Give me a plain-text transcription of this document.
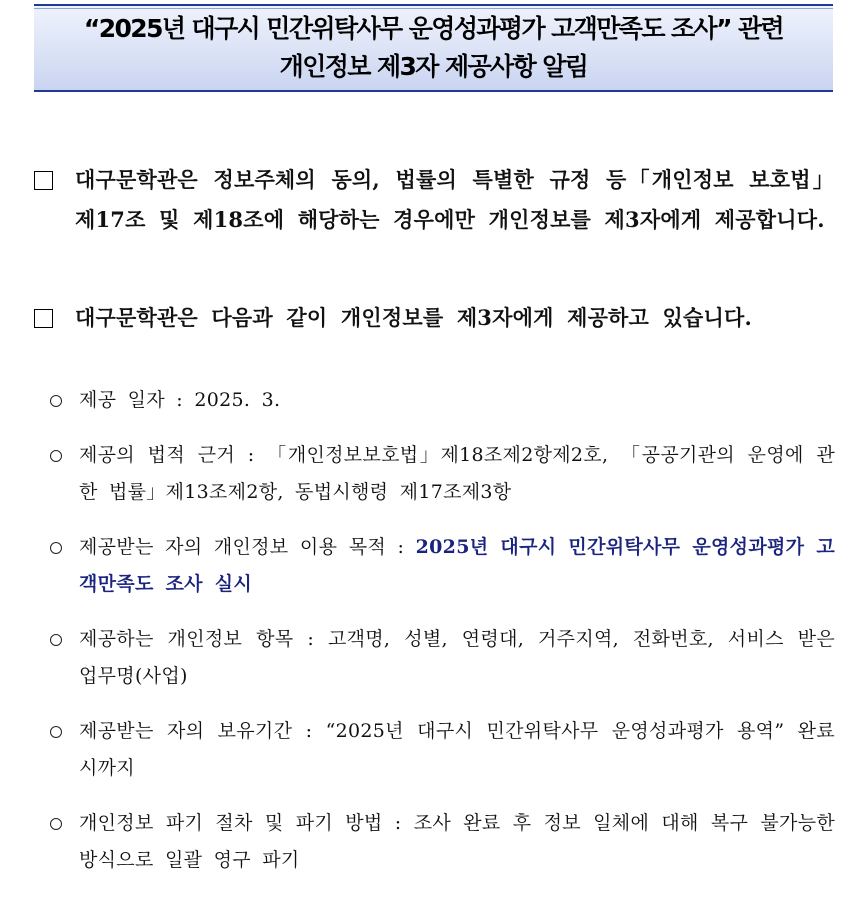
“2025년 대구시 민간위탁사무 운영성과평가 고객만족도 조사” 관련
개인정보 제3자 제공사항 알림
대구문학관은 정보주체의 동의, 법률의 특별한 규정 등「개인정보 보호법」제17조 및 제18조에 해당하는 경우에만 개인정보를 제3자에게 제공합니다.
대구문학관은 다음과 같이 개인정보를 제3자에게 제공하고 있습니다.
제공 일자 : 2025. 3.
제공의 법적 근거 : 「개인정보보호법」제18조제2항제2호, 「공공기관의 운영에 관한 법률」제13조제2항, 동법시행령 제17조제3항
제공받는 자의 개인정보 이용 목적 : 2025년 대구시 민간위탁사무 운영성과평가 고객만족도 조사 실시
제공하는 개인정보 항목 : 고객명, 성별, 연령대, 거주지역, 전화번호, 서비스 받은 업무명(사업)
제공받는 자의 보유기간 : “2025년 대구시 민간위탁사무 운영성과평가 용역” 완료시까지
개인정보 파기 절차 및 파기 방법 : 조사 완료 후 정보 일체에 대해 복구 불가능한 방식으로 일괄 영구 파기
